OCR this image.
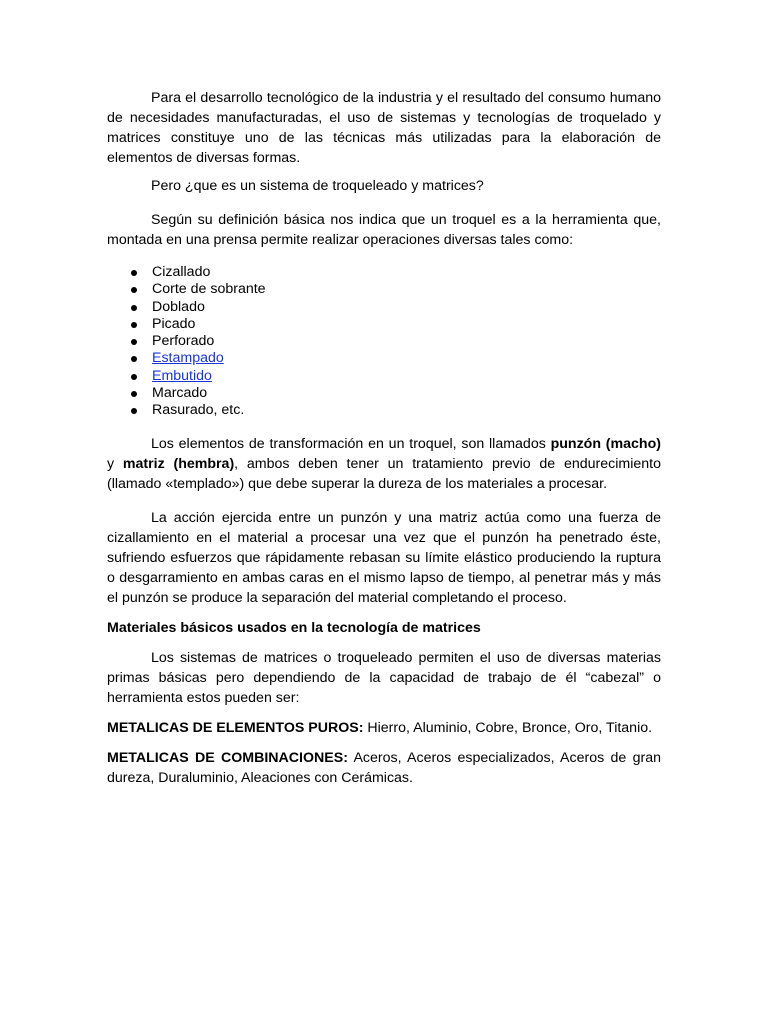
Para el desarrollo tecnológico de la industria y el resultado del consumo humano de necesidades manufacturadas, el uso de sistemas y tecnologías de troquelado y matrices constituye uno de las técnicas más utilizadas para la elaboración de elementos de diversas formas.

Pero ¿que es un sistema de troqueleado y matrices?

Según su definición básica nos indica que un troquel es a la herramienta que, montada en una prensa permite realizar operaciones diversas tales como:

Cizallado
Corte de sobrante
Doblado
Picado
Perforado
Estampado
Embutido
Marcado
Rasurado, etc.

Los elementos de transformación en un troquel, son llamados punzón (macho) y matriz (hembra), ambos deben tener un tratamiento previo de endurecimiento (llamado «templado») que debe superar la dureza de los materiales a procesar.

La acción ejercida entre un punzón y una matriz actúa como una fuerza de cizallamiento en el material a procesar una vez que el punzón ha penetrado éste, sufriendo esfuerzos que rápidamente rebasan su límite elástico produciendo la ruptura o desgarramiento en ambas caras en el mismo lapso de tiempo, al penetrar más y más el punzón se produce la separación del material completando el proceso.

Materiales básicos usados en la tecnología de matrices

Los sistemas de matrices o troqueleado permiten el uso de diversas materias primas básicas pero dependiendo de la capacidad de trabajo de él “cabezal” o herramienta estos pueden ser:

METALICAS DE ELEMENTOS PUROS: Hierro, Aluminio, Cobre, Bronce, Oro, Titanio.

METALICAS DE COMBINACIONES: Aceros, Aceros especializados, Aceros de gran dureza, Duraluminio, Aleaciones con Cerámicas.
